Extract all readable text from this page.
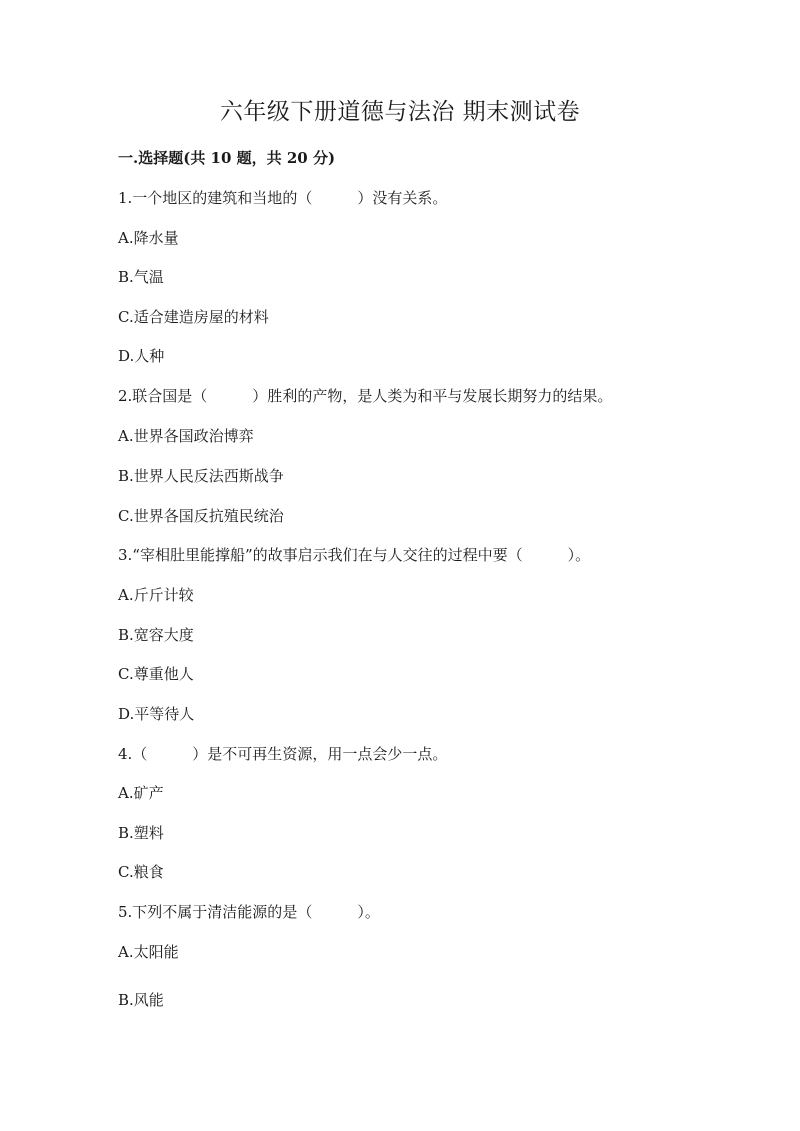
六年级下册道德与法治 期末测试卷
一.选择题(共 10 题，共 20 分)
1.一个地区的建筑和当地的（　　　）没有关系。
A.降水量
B.气温
C.适合建造房屋的材料
D.人种
2.联合国是（　　　）胜利的产物，是人类为和平与发展长期努力的结果。
A.世界各国政治博弈
B.世界人民反法西斯战争
C.世界各国反抗殖民统治
3.“宰相肚里能撑船”的故事启示我们在与人交往的过程中要（　　　）。
A.斤斤计较
B.宽容大度
C.尊重他人
D.平等待人
4.（　　　）是不可再生资源，用一点会少一点。
A.矿产
B.塑料
C.粮食
5.下列不属于清洁能源的是（　　　）。
A.太阳能
B.风能
